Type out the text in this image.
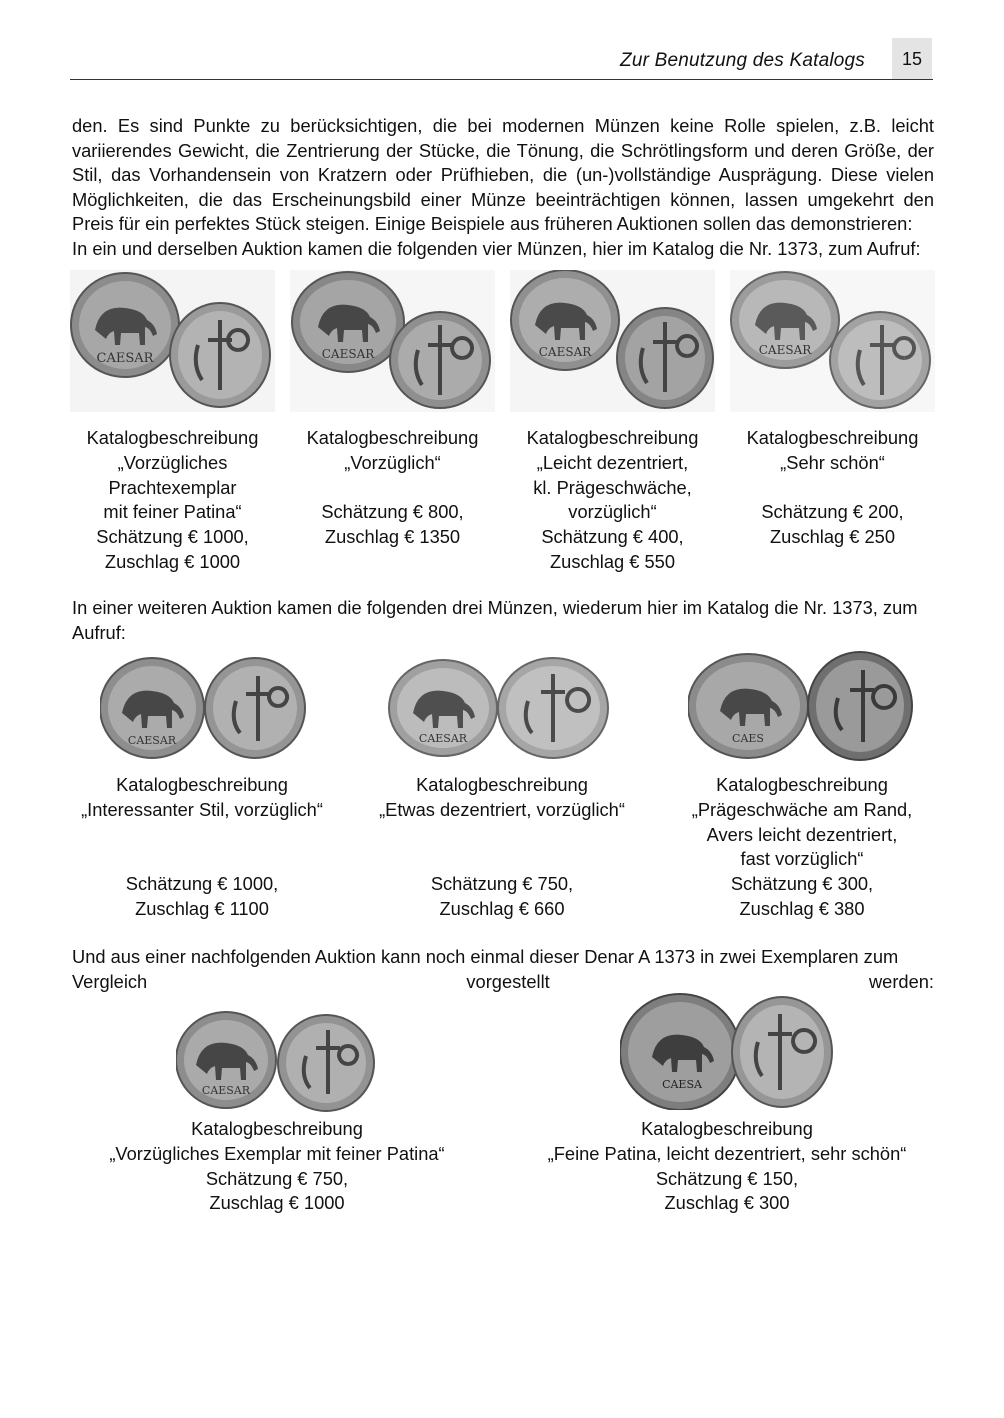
Zur Benutzung des Katalogs	15

den. Es sind Punkte zu berücksichtigen, die bei modernen Münzen keine Rolle spielen, z.B. leicht variierendes Gewicht, die Zentrierung der Stücke, die Tönung, die Schrötlingsform und deren Größe, der Stil, das Vorhandensein von Kratzern oder Prüfhieben, die (un-)vollständige Ausprägung. Diese vielen Möglichkeiten, die das Erscheinungsbild einer Münze beeinträchtigen können, lassen umgekehrt den Preis für ein perfektes Stück steigen. Einige Beispiele aus früheren Auktionen sollen das demonstrieren:

In ein und derselben Auktion kamen die folgenden vier Münzen, hier im Katalog die Nr. 1373, zum Aufruf:

CAESAR	CAESAR	CAESAR	CAESAR
Katalogbeschreibung
„Vorzügliches
Prachtexemplar
mit feiner Patina“
Schätzung € 1000,
Zuschlag € 1000
Katalogbeschreibung
„Vorzüglich“
Schätzung € 800,
Zuschlag € 1350
Katalogbeschreibung
„Leicht dezentriert,
kl. Prägeschwäche,
vorzüglich“
Schätzung € 400,
Zuschlag € 550
Katalogbeschreibung
„Sehr schön“
Schätzung € 200,
Zuschlag € 250

In einer weiteren Auktion kamen die folgenden drei Münzen, wiederum hier im Katalog die Nr. 1373, zum Aufruf:

CAESAR	CAESAR	CAES
Katalogbeschreibung
„Interessanter Stil, vorzüglich“
Schätzung € 1000,
Zuschlag € 1100
Katalogbeschreibung
„Etwas dezentriert, vorzüglich“
Schätzung € 750,
Zuschlag € 660
Katalogbeschreibung
„Prägeschwäche am Rand,
Avers leicht dezentriert,
fast vorzüglich“
Schätzung € 300,
Zuschlag € 380

Und aus einer nachfolgenden Auktion kann noch einmal dieser Denar A 1373 in zwei Exemplaren zum Vergleich vorgestellt werden:

CAESAR	CAESA
Katalogbeschreibung
„Vorzügliches Exemplar mit feiner Patina“
Schätzung € 750,
Zuschlag € 1000
Katalogbeschreibung
„Feine Patina, leicht dezentriert, sehr schön“
Schätzung € 150,
Zuschlag € 300
